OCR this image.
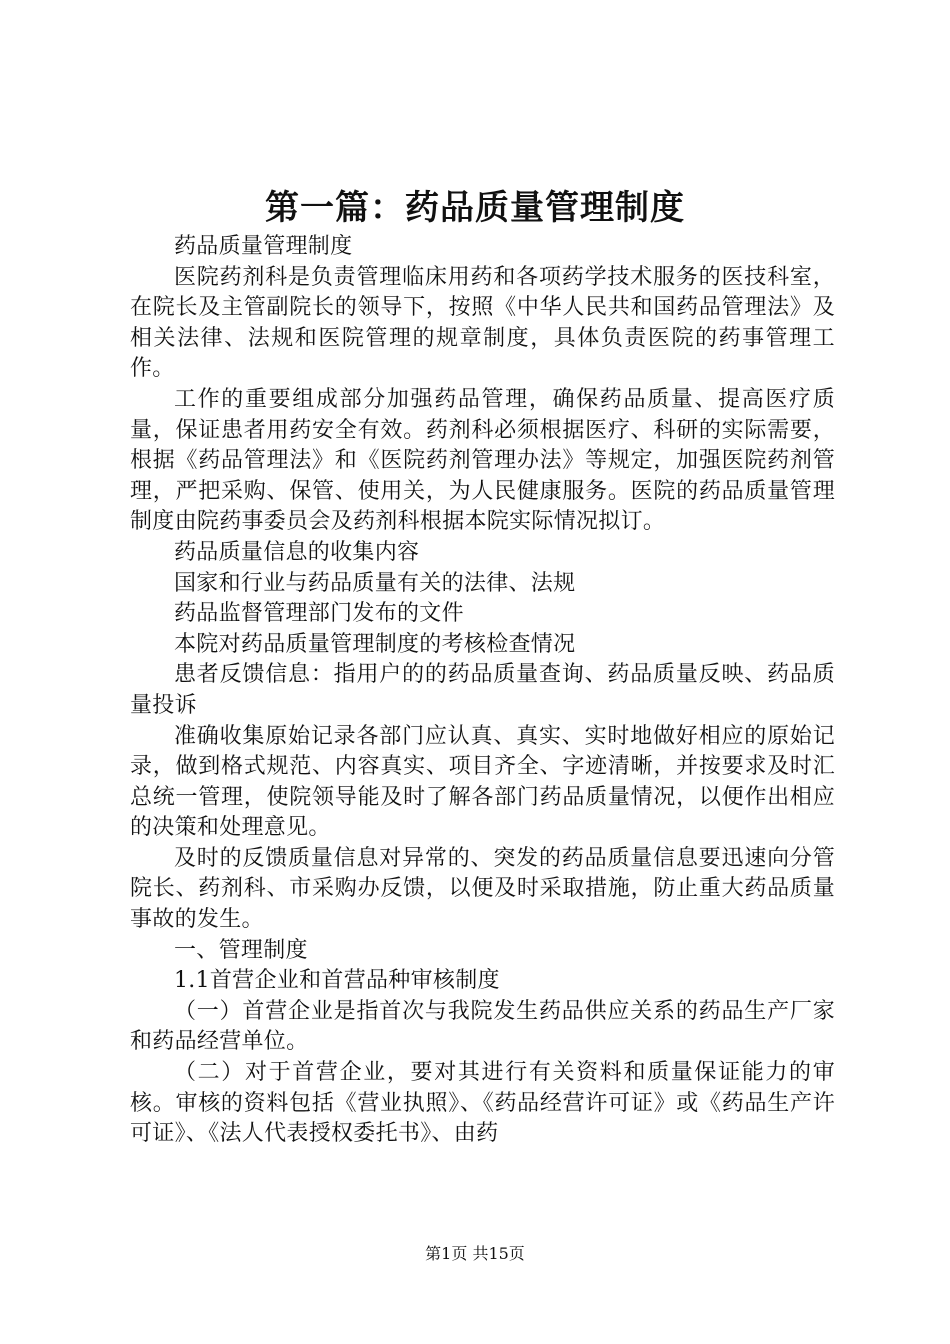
第一篇：药品质量管理制度

药品质量管理制度

医院药剂科是负责管理临床用药和各项药学技术服务的医技科室，在院长及主管副院长的领导下，按照《中华人民共和国药品管理法》及相关法律、法规和医院管理的规章制度，具体负责医院的药事管理工作。

工作的重要组成部分加强药品管理，确保药品质量、提高医疗质量，保证患者用药安全有效。药剂科必须根据医疗、科研的实际需要，根据《药品管理法》和《医院药剂管理办法》等规定，加强医院药剂管理，严把采购、保管、使用关，为人民健康服务。医院的药品质量管理制度由院药事委员会及药剂科根据本院实际情况拟订。

药品质量信息的收集内容

国家和行业与药品质量有关的法律、法规

药品监督管理部门发布的文件

本院对药品质量管理制度的考核检查情况

患者反馈信息：指用户的的药品质量查询、药品质量反映、药品质量投诉

准确收集原始记录各部门应认真、真实、实时地做好相应的原始记录，做到格式规范、内容真实、项目齐全、字迹清晰，并按要求及时汇总统一管理，使院领导能及时了解各部门药品质量情况，以便作出相应的决策和处理意见。

及时的反馈质量信息对异常的、突发的药品质量信息要迅速向分管院长、药剂科、市采购办反馈，以便及时采取措施，防止重大药品质量事故的发生。

一、管理制度

1.1首营企业和首营品种审核制度

（一）首营企业是指首次与我院发生药品供应关系的药品生产厂家和药品经营单位。

（二）对于首营企业，要对其进行有关资料和质量保证能力的审核。审核的资料包括《营业执照》、《药品经营许可证》或《药品生产许可证》、《法人代表授权委托书》、由药

第1页 共15页
